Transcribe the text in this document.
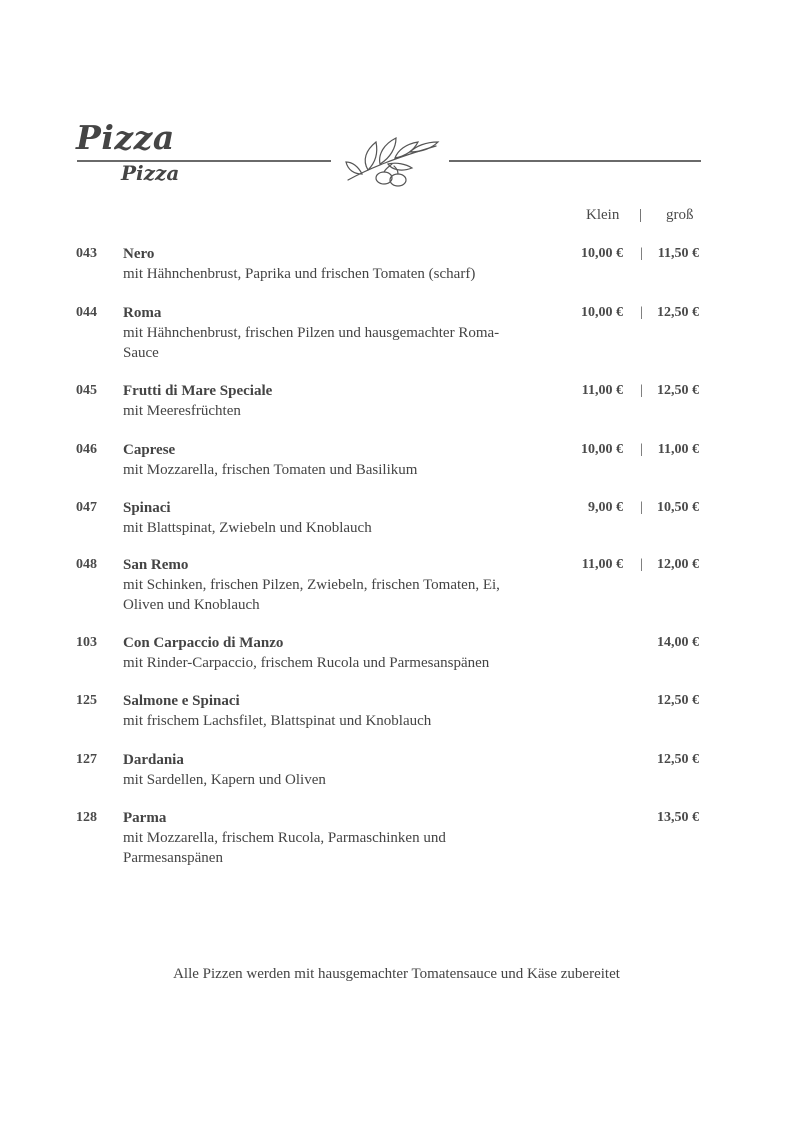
Pizza
Pizza
Klein | groß
043 Nero
mit Hähnchenbrust, Paprika und frischen Tomaten (scharf)
10,00 € | 11,50 €
044 Roma
mit Hähnchenbrust, frischen Pilzen und hausgemachter Roma-Sauce
10,00 € | 12,50 €
045 Frutti di Mare Speciale
mit Meeresfrüchten
11,00 € | 12,50 €
046 Caprese
mit Mozzarella, frischen Tomaten und Basilikum
10,00 € | 11,00 €
047 Spinaci
mit Blattspinat, Zwiebeln und Knoblauch
9,00 € | 10,50 €
048 San Remo
mit Schinken, frischen Pilzen, Zwiebeln, frischen Tomaten, Ei, Oliven und Knoblauch
11,00 € | 12,00 €
103 Con Carpaccio di Manzo
mit Rinder-Carpaccio, frischem Rucola und Parmesanspänen
14,00 €
125 Salmone e Spinaci
mit frischem Lachsfilet, Blattspinat und Knoblauch
12,50 €
127 Dardania
mit Sardellen, Kapern und Oliven
12,50 €
128 Parma
mit Mozzarella, frischem Rucola, Parmaschinken und Parmesanspänen
13,50 €
Alle Pizzen werden mit hausgemachter Tomatensauce und Käse zubereitet
